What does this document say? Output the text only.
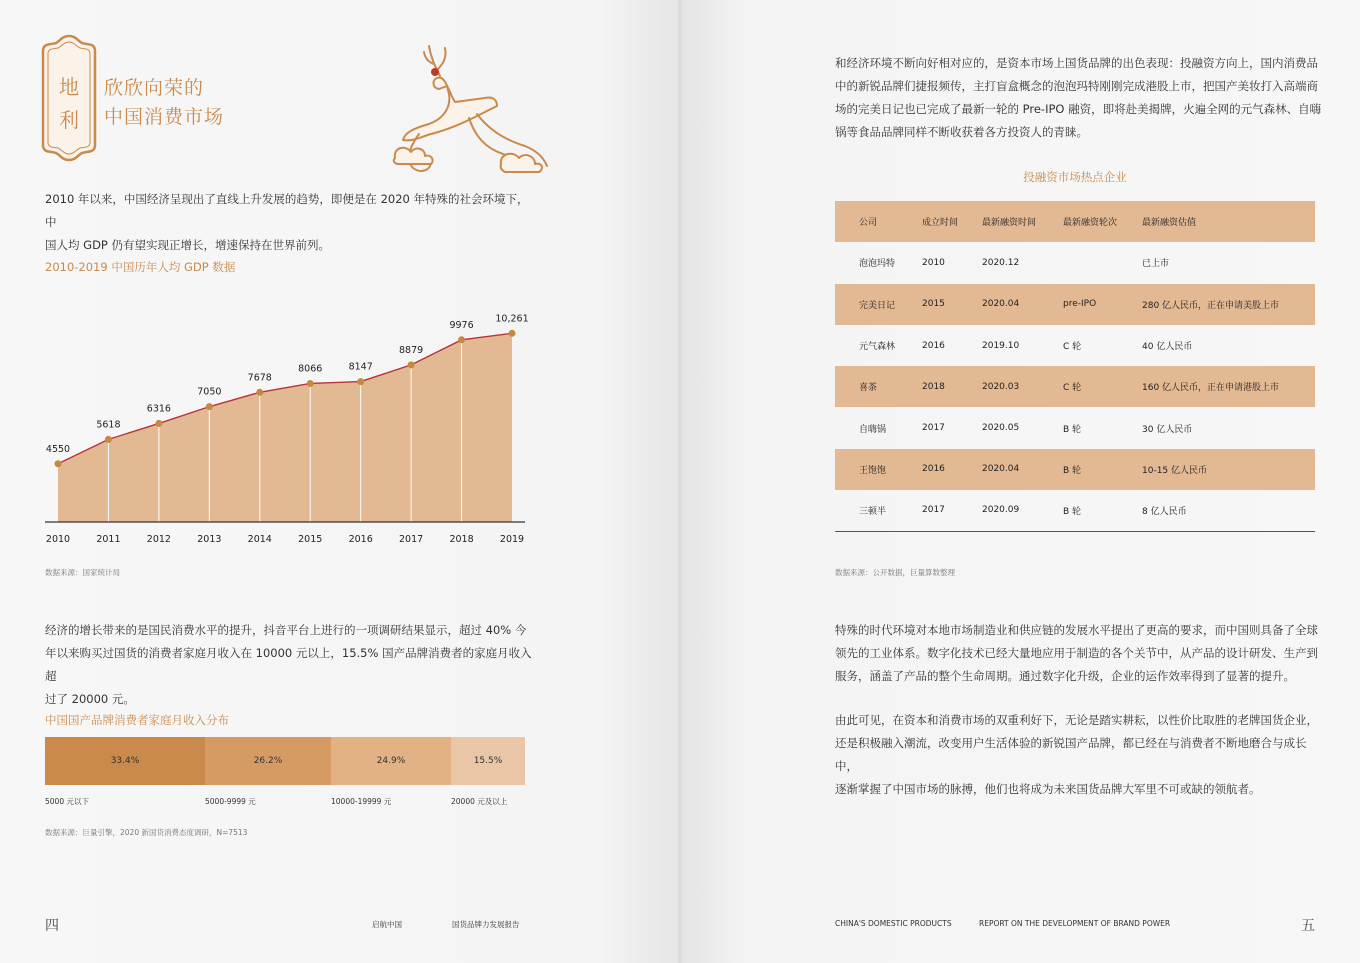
地
利
欣欣向荣的
中国消费市场
2010 年以来，中国经济呈现出了直线上升发展的趋势，即便是在 2020 年特殊的社会环境下，中
国人均 GDP 仍有望实现正增长，增速保持在世界前列。
2010-2019 中国历年人均 GDP 数据
4550
2010
5618
2011
6316
2012
7050
2013
7678
2014
8066
2015
8147
2016
8879
2017
9976
2018
10,261
2019
数据来源：国家统计局
经济的增长带来的是国民消费水平的提升，抖音平台上进行的一项调研结果显示，超过 40% 今
年以来购买过国货的消费者家庭月收入在 10000 元以上，15.5% 国产品牌消费者的家庭月收入超
过了 20000 元。
中国国产品牌消费者家庭月收入分布
数据来源：巨量引擎，2020 新国货消费态度调研，N=7513
四	启航中国	国货品牌力发展报告
33.4%
5000 元以下
26.2%
5000-9999 元
24.9%
10000-19999 元
15.5%
20000 元及以上
和经济环境不断向好相对应的，是资本市场上国货品牌的出色表现：投融资方向上，国内消费品
中的新锐品牌们捷报频传，主打盲盒概念的泡泡玛特刚刚完成港股上市，把国产美妆打入高端商
场的完美日记也已完成了最新一轮的 Pre-IPO 融资，即将赴美揭牌，火遍全网的元气森林、自嗨
锅等食品品牌同样不断收获着各方投资人的青睐。
投融资市场热点企业
公司	成立时间	最新融资时间	最新融资轮次	最新融资估值
泡泡玛特	2010	2020.12		已上市
完美日记	2015	2020.04	pre-IPO	280 亿人民币，正在申请美股上市
元气森林	2016	2019.10	C 轮	40 亿人民币
喜茶	2018	2020.03	C 轮	160 亿人民币，正在申请港股上市
自嗨锅	2017	2020.05	B 轮	30 亿人民币
王饱饱	2016	2020.04	B 轮	10-15 亿人民币
三顿半	2017	2020.09	B 轮	8 亿人民币
数据来源：公开数据，巨量算数整理
特殊的时代环境对本地市场制造业和供应链的发展水平提出了更高的要求，而中国则具备了全球
领先的工业体系。数字化技术已经大量地应用于制造的各个关节中，从产品的设计研发、生产到
服务，涵盖了产品的整个生命周期。通过数字化升级，企业的运作效率得到了显著的提升。
由此可见，在资本和消费市场的双重利好下，无论是踏实耕耘，以性价比取胜的老牌国货企业，
还是积极融入潮流，改变用户生活体验的新锐国产品牌，都已经在与消费者不断地磨合与成长中，
逐渐掌握了中国市场的脉搏，他们也将成为未来国货品牌大军里不可或缺的领航者。
CHINA'S DOMESTIC PRODUCTS	REPORT ON THE DEVELOPMENT OF BRAND POWER	五
